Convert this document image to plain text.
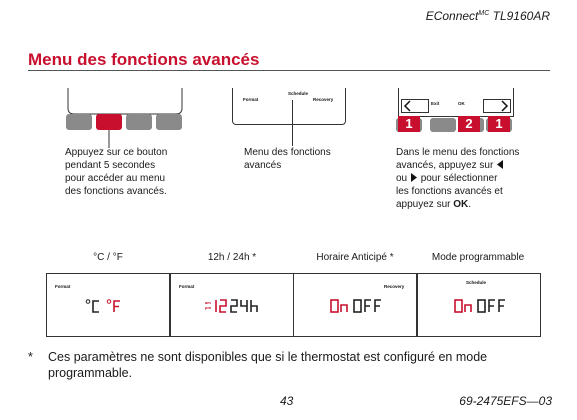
EConnect$^{MC}$ TL9160AR
Menu des fonctions avancés
Appuyez sur ce bouton
pendant 5 secondes
pour accéder au menu
des fonctions avancés.
Schedule
Format	Recovery
Menu des fonctions
avancés
Exit	OK
1	2	1
Dans le menu des fonctions
avancés, appuyez sur
ou pour sélectionner
les fonctions avancés et
appuyez sur OK.
°C / °F	12h / 24h *	Horaire Anticipé *	Mode programmable
Format	Format
am
pm
Recovery
Schedule
* Ces paramètres ne sont disponibles que si le thermostat est configuré en mode
programmable.
43	69-2475EFS—03
